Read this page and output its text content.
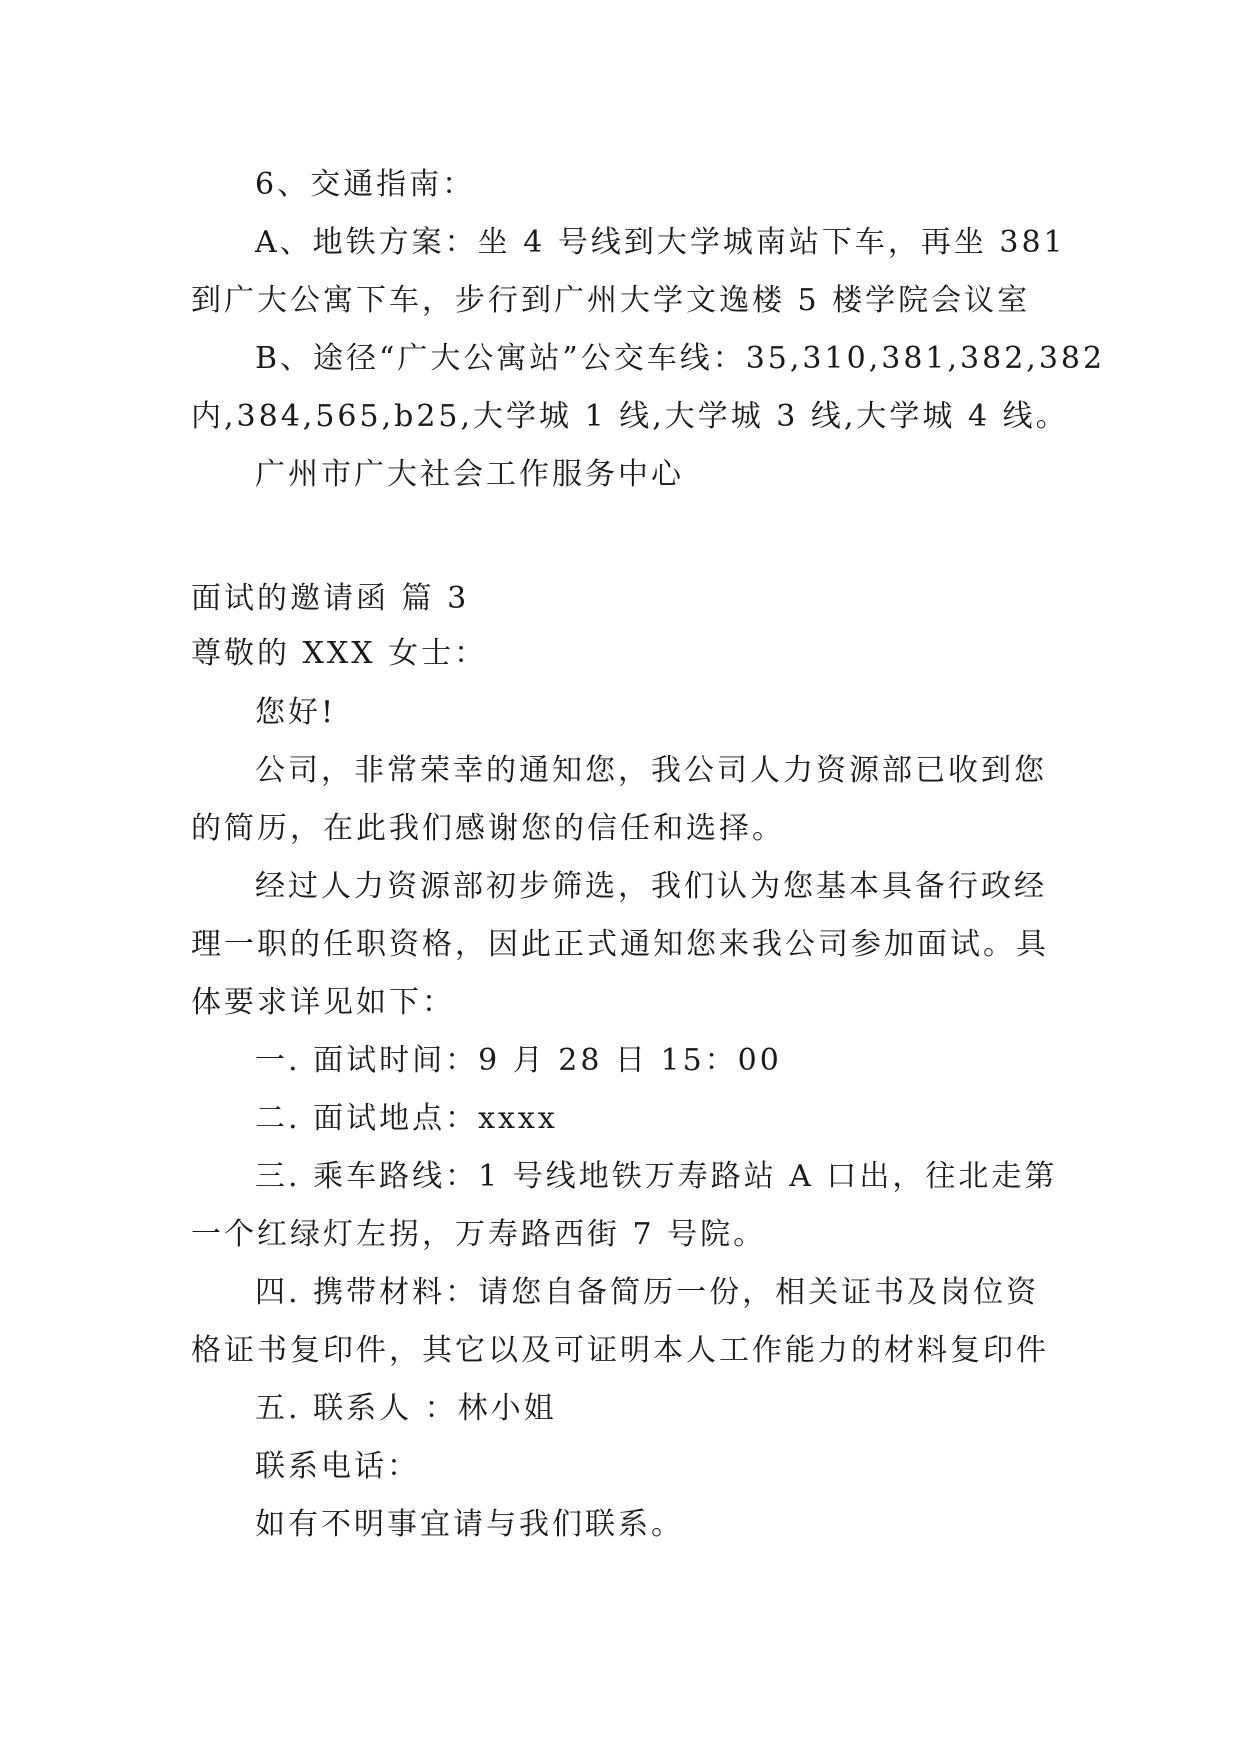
6、交通指南：
A、地铁方案：坐 4 号线到大学城南站下车，再坐 381
到广大公寓下车，步行到广州大学文逸楼 5 楼学院会议室
B、途径“广大公寓站”公交车线：35,310,381,382,382
内,384,565,b25,大学城 1 线,大学城 3 线,大学城 4 线。
广州市广大社会工作服务中心
面试的邀请函 篇 3
尊敬的 XXX 女士：
您好!
公司，非常荣幸的通知您，我公司人力资源部已收到您
的简历，在此我们感谢您的信任和选择。
经过人力资源部初步筛选，我们认为您基本具备行政经
理一职的任职资格，因此正式通知您来我公司参加面试。具
体要求详见如下：
一. 面试时间：9 月 28 日 15：00
二. 面试地点：xxxx
三. 乘车路线：1 号线地铁万寿路站 A 口出，往北走第
一个红绿灯左拐，万寿路西街 7 号院。
四. 携带材料：请您自备简历一份，相关证书及岗位资
格证书复印件，其它以及可证明本人工作能力的材料复印件
五. 联系人 ：林小姐
联系电话：
如有不明事宜请与我们联系。
